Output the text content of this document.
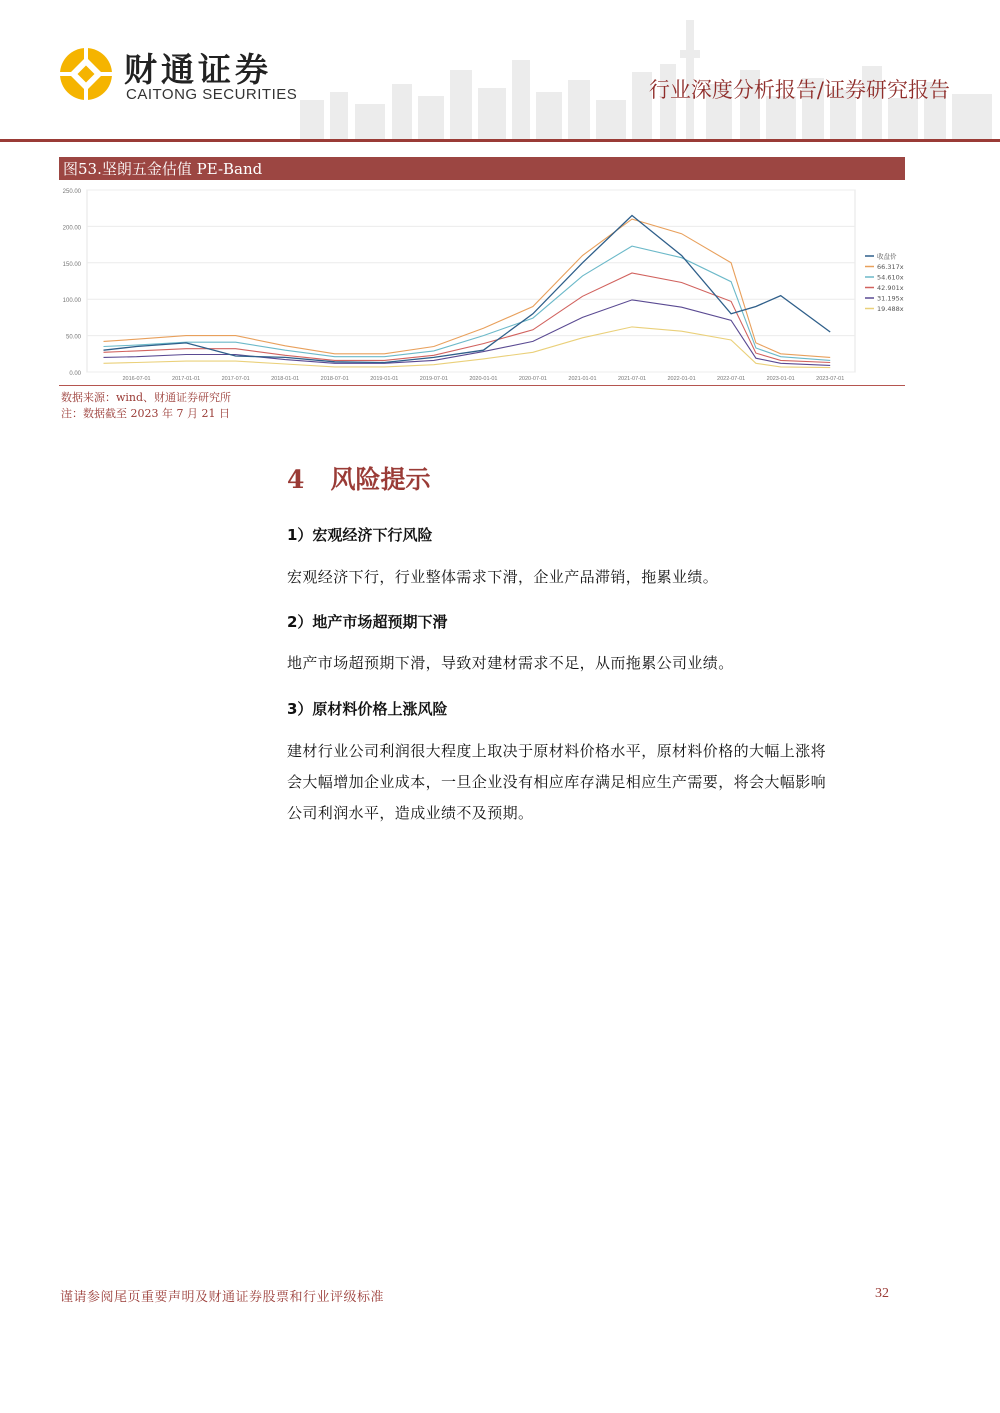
财通证券
CAITONG SECURITIES	行业深度分析报告/证券研究报告
图53.坚朗五金估值 PE-Band
0.00
50.00
100.00
150.00
200.00
250.00
2016-07-01	2017-01-01	2017-07-01	2018-01-01	2018-07-01	2019-01-01	2019-07-01	2020-01-01	2020-07-01	2021-01-01	2021-07-01	2022-01-01	2022-07-01	2023-01-01	2023-07-01
收盘价
66.317x
54.610x
42.901x
31.195x
19.488x
数据来源：wind、财通证券研究所
注：数据截至 2023 年 7 月 21 日
4   风险提示
1）宏观经济下行风险
宏观经济下行，行业整体需求下滑，企业产品滞销，拖累业绩。
2）地产市场超预期下滑
地产市场超预期下滑，导致对建材需求不足，从而拖累公司业绩。
3）原材料价格上涨风险
建材行业公司利润很大程度上取决于原材料价格水平，原材料价格的大幅上涨将
会大幅增加企业成本，一旦企业没有相应库存满足相应生产需要，将会大幅影响
公司利润水平，造成业绩不及预期。
谨请参阅尾页重要声明及财通证券股票和行业评级标准	32
